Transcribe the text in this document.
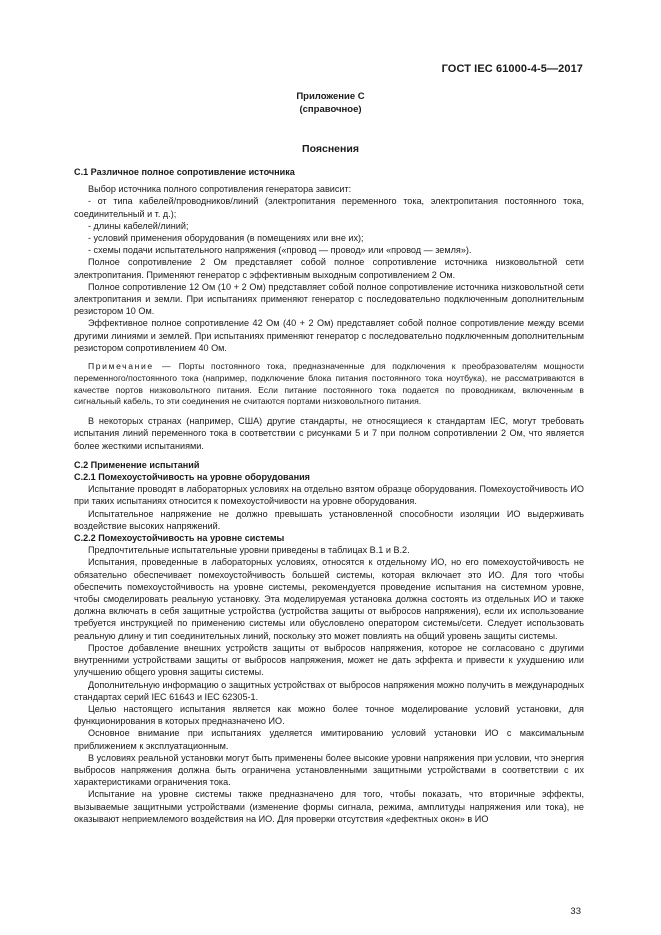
ГОСТ IEC 61000-4-5—2017
Приложение С
(справочное)
Пояснения

С.1 Различное полное сопротивление источника

Выбор источника полного сопротивления генератора зависит:

- от типа кабелей/проводников/линий (электропитания переменного тока, электропитания постоянного тока, соединительный и т. д.);

- длины кабелей/линий;

- условий применения оборудования (в помещениях или вне их);

- схемы подачи испытательного напряжения («провод — провод» или «провод — земля»).

Полное сопротивление 2 Ом представляет собой полное сопротивление источника низковольтной сети электропитания. Применяют генератор с эффективным выходным сопротивлением 2 Ом.

Полное сопротивление 12 Ом (10 + 2 Ом) представляет собой полное сопротивление источника низковольтной сети электропитания и земли. При испытаниях применяют генератор с последовательно подключенным дополнительным резистором 10 Ом.

Эффективное полное сопротивление 42 Ом (40 + 2 Ом) представляет собой полное сопротивление между всеми другими линиями и землей. При испытаниях применяют генератор с последовательно подключенным дополнительным резистором сопротивлением 40 Ом.

Примечание — Порты постоянного тока, предназначенные для подключения к преобразователям мощности переменного/постоянного тока (например, подключение блока питания постоянного тока ноутбука), не рассматриваются в качестве портов низковольтного питания. Если питание постоянного тока подается по проводникам, включенным в сигнальный кабель, то эти соединения не считаются портами низковольтного питания.

В некоторых странах (например, США) другие стандарты, не относящиеся к стандартам IEC, могут требовать испытания линий переменного тока в соответствии с рисунками 5 и 7 при полном сопротивлении 2 Ом, что является более жесткими испытаниями.

С.2 Применение испытаний

С.2.1 Помехоустойчивость на уровне оборудования

Испытание проводят в лабораторных условиях на отдельно взятом образце оборудования. Помехоустойчивость ИО при таких испытаниях относится к помехоустойчивости на уровне оборудования.

Испытательное напряжение не должно превышать установленной способности изоляции ИО выдерживать воздействие высоких напряжений.

С.2.2 Помехоустойчивость на уровне системы

Предпочтительные испытательные уровни приведены в таблицах В.1 и В.2.

Испытания, проведенные в лабораторных условиях, относятся к отдельному ИО, но его помехоустойчивость не обязательно обеспечивает помехоустойчивость большей системы, которая включает это ИО. Для того чтобы обеспечить помехоустойчивость на уровне системы, рекомендуется проведение испытания на системном уровне, чтобы смоделировать реальную установку. Эта моделируемая установка должна состоять из отдельных ИО и также должна включать в себя защитные устройства (устройства защиты от выбросов напряжения), если их использование требуется инструкцией по применению системы или обусловлено оператором системы/сети. Следует использовать реальную длину и тип соединительных линий, поскольку это может повлиять на общий уровень защиты системы.

Простое добавление внешних устройств защиты от выбросов напряжения, которое не согласовано с другими внутренними устройствами защиты от выбросов напряжения, может не дать эффекта и привести к ухудшению или улучшению общего уровня защиты системы.

Дополнительную информацию о защитных устройствах от выбросов напряжения можно получить в международных стандартах серий IEC 61643 и IEC 62305-1.

Целью настоящего испытания является как можно более точное моделирование условий установки, для функционирования в которых предназначено ИО.

Основное внимание при испытаниях уделяется имитированию условий установки ИО с максимальным приближением к эксплуатационным.

В условиях реальной установки могут быть применены более высокие уровни напряжения при условии, что энергия выбросов напряжения должна быть ограничена установленными защитными устройствами в соответствии с их характеристиками ограничения тока.

Испытание на уровне системы также предназначено для того, чтобы показать, что вторичные эффекты, вызываемые защитными устройствами (изменение формы сигнала, режима, амплитуды напряжения или тока), не оказывают неприемлемого воздействия на ИО. Для проверки отсутствия «дефектных окон» в ИО

33
